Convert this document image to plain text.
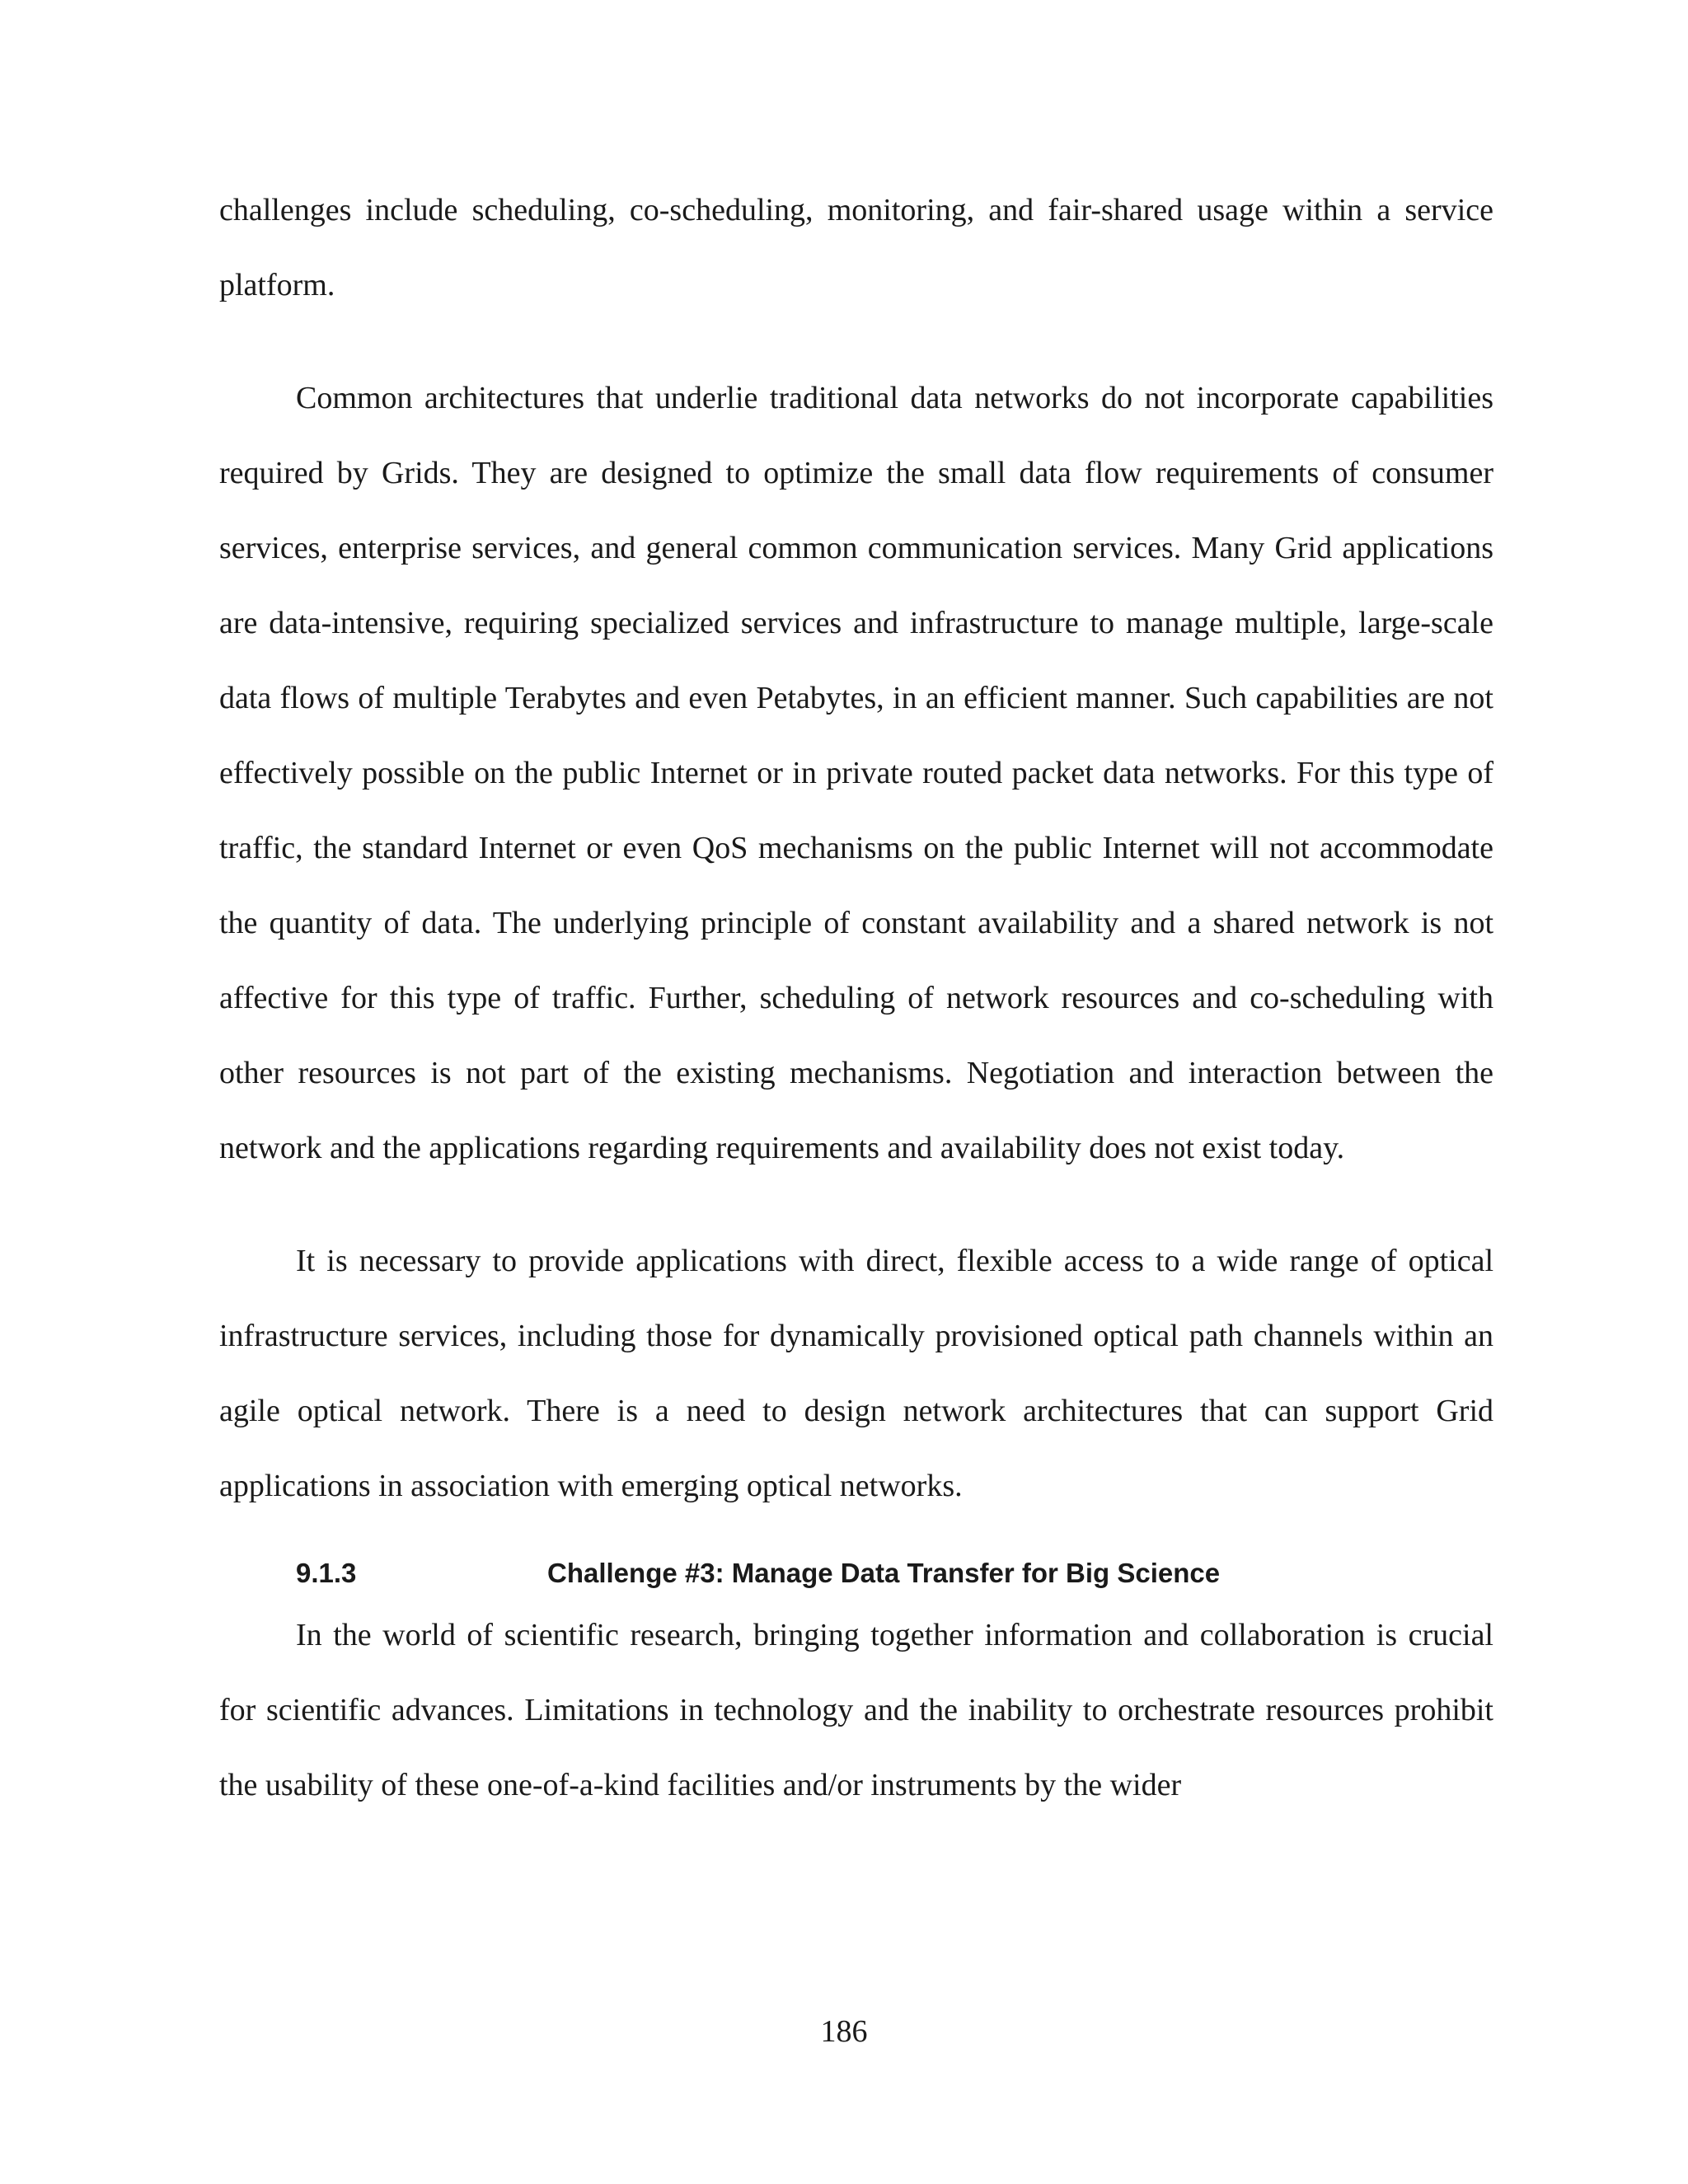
challenges include scheduling, co-scheduling, monitoring, and fair-shared usage within a service platform.

Common architectures that underlie traditional data networks do not incorporate capabilities required by Grids. They are designed to optimize the small data flow requirements of consumer services, enterprise services, and general common communication services. Many Grid applications are data-intensive, requiring specialized services and infrastructure to manage multiple, large-scale data flows of multiple Terabytes and even Petabytes, in an efficient manner. Such capabilities are not effectively possible on the public Internet or in private routed packet data networks. For this type of traffic, the standard Internet or even QoS mechanisms on the public Internet will not accommodate the quantity of data. The underlying principle of constant availability and a shared network is not affective for this type of traffic. Further, scheduling of network resources and co-scheduling with other resources is not part of the existing mechanisms. Negotiation and interaction between the network and the applications regarding requirements and availability does not exist today.

It is necessary to provide applications with direct, flexible access to a wide range of optical infrastructure services, including those for dynamically provisioned optical path channels within an agile optical network. There is a need to design network architectures that can support Grid applications in association with emerging optical networks.

9.1.3	Challenge #3: Manage Data Transfer for Big Science

In the world of scientific research, bringing together information and collaboration is crucial for scientific advances. Limitations in technology and the inability to orchestrate resources prohibit the usability of these one-of-a-kind facilities and/or instruments by the wider

186
